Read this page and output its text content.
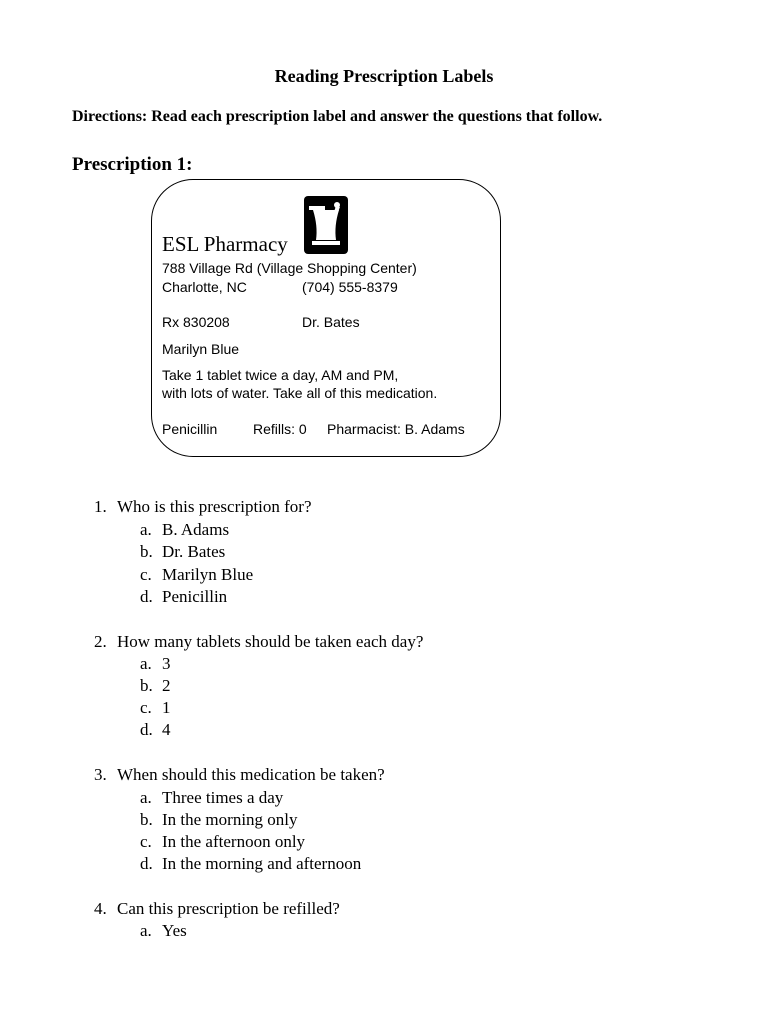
Reading Prescription Labels
Directions: Read each prescription label and answer the questions that follow.
Prescription 1:
ESL Pharmacy
788 Village Rd (Village Shopping Center)
Charlotte, NC	(704) 555-8379
Rx 830208	Dr. Bates
Marilyn Blue
Take 1 tablet twice a day, AM and PM,
with lots of water. Take all of this medication.
Penicillin	Refills: 0 Pharmacist: B. Adams
1. Who is this prescription for?
a. B. Adams
b. Dr. Bates
c. Marilyn Blue
d. Penicillin
2. How many tablets should be taken each day?
a. 3
b. 2
c. 1
d. 4
3. When should this medication be taken?
a. Three times a day
b. In the morning only
c. In the afternoon only
d. In the morning and afternoon
4. Can this prescription be refilled?
a. Yes
